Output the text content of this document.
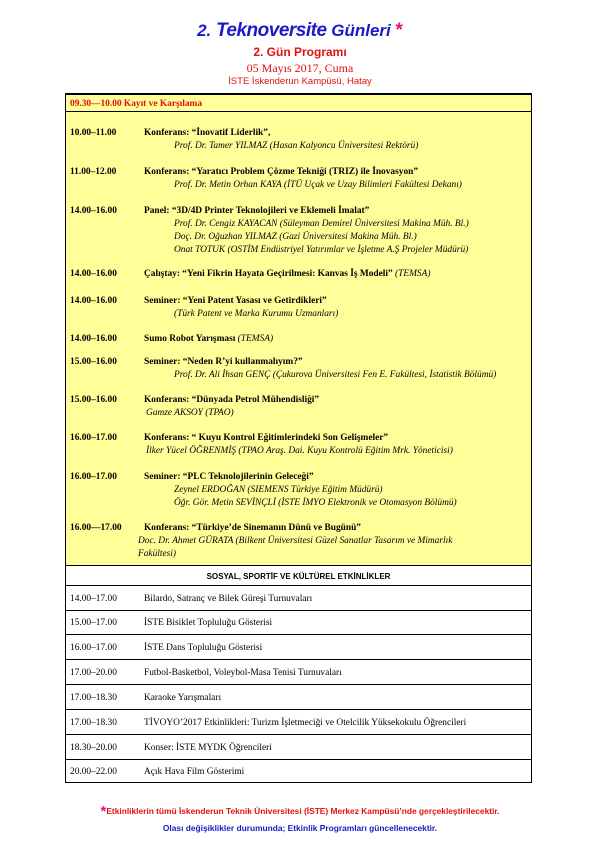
2. Teknoversite Günleri *
2. Gün Programı
05 Mayıs 2017, Cuma
İSTE İskenderun Kampüsü, Hatay
09.30—10.00 Kayıt ve Karşılama
10.00–11.00	Konferans: “İnovatif Liderlik”,
Prof. Dr. Tamer YILMAZ (Hasan Kalyoncu Üniversitesi Rektörü)
11.00–12.00	Konferans: “Yaratıcı Problem Çözme Tekniği (TRIZ) ile İnovasyon”
Prof. Dr. Metin Orhan KAYA (İTÜ Uçak ve Uzay Bilimleri Fakültesi Dekanı)
14.00–16.00	Panel: “3D/4D Printer Teknolojileri ve Eklemeli İmalat”
Prof. Dr. Cengiz KAYACAN (Süleyman Demirel Üniversitesi Makina Müh. Bl.)
Doç. Dr. Oğuzhan YILMAZ (Gazi Üniversitesi Makina Müh. Bl.)
Onat TOTUK (OSTİM Endüstriyel Yatırımlar ve İşletme A.Ş Projeler Müdürü)
14.00–16.00	Çalıştay: “Yeni Fikrin Hayata Geçirilmesi: Kanvas İş Modeli” (TEMSA)
14.00–16.00	Seminer: “Yeni Patent Yasası ve Getirdikleri”
(Türk Patent ve Marka Kurumu Uzmanları)
14.00–16.00	Sumo Robot Yarışması (TEMSA)
15.00–16.00	Seminer: “Neden R’yi kullanmalıyım?”
Prof. Dr. Ali İhsan GENÇ (Çukurova Üniversitesi Fen E. Fakültesi, İstatistik Bölümü)
15.00–16.00	Konferans: “Dünyada Petrol Mühendisliği”
Gamze AKSOY (TPAO)
16.00–17.00	Konferans: “ Kuyu Kontrol Eğitimlerindeki Son Gelişmeler”
İlker Yücel ÖĞRENMİŞ (TPAO Araş. Dai. Kuyu Kontrolü Eğitim Mrk. Yöneticisi)
16.00–17.00	Seminer: “PLC Teknolojilerinin Geleceği”
Zeynel ERDOĞAN (SIEMENS Türkiye Eğitim Müdürü)
Öğr. Gör. Metin SEVİNÇLİ (İSTE İMYO Elektronik ve Otomasyon Bölümü)
16.00—17.00 Konferans: “Türkiye’de Sinemanın Dünü ve Bugünü”
Doc. Dr. Ahmet GÜRATA (Bilkent Üniversitesi Güzel Sanatlar Tasarım ve Mimarlık
Fakültesi)
SOSYAL, SPORTİF VE KÜLTÜREL ETKİNLİKLER
14.00–17.00	Bilardo, Satranç ve Bilek Güreşi Turnuvaları
15.00–17.00	İSTE Bisiklet Topluluğu Gösterisi
16.00–17.00	İSTE Dans Topluluğu Gösterisi
17.00–20.00	Futbol-Basketbol, Voleybol-Masa Tenisi Turnuvaları
17.00–18.30	Karaoke Yarışmaları
17.00–18.30	TİVOYO’2017 Etkinlikleri: Turizm İşletmeciği ve Otelcilik Yüksekokulu Öğrencileri
18.30–20.00	Konser: İSTE MYDK Öğrencileri
20.00–22.00	Açık Hava Film Gösterimi
*Etkinliklerin tümü İskenderun Teknik Üniversitesi (İSTE) Merkez Kampüsü’nde gerçekleştirilecektir.
Olası değişiklikler durumunda; Etkinlik Programları güncellenecektir.
